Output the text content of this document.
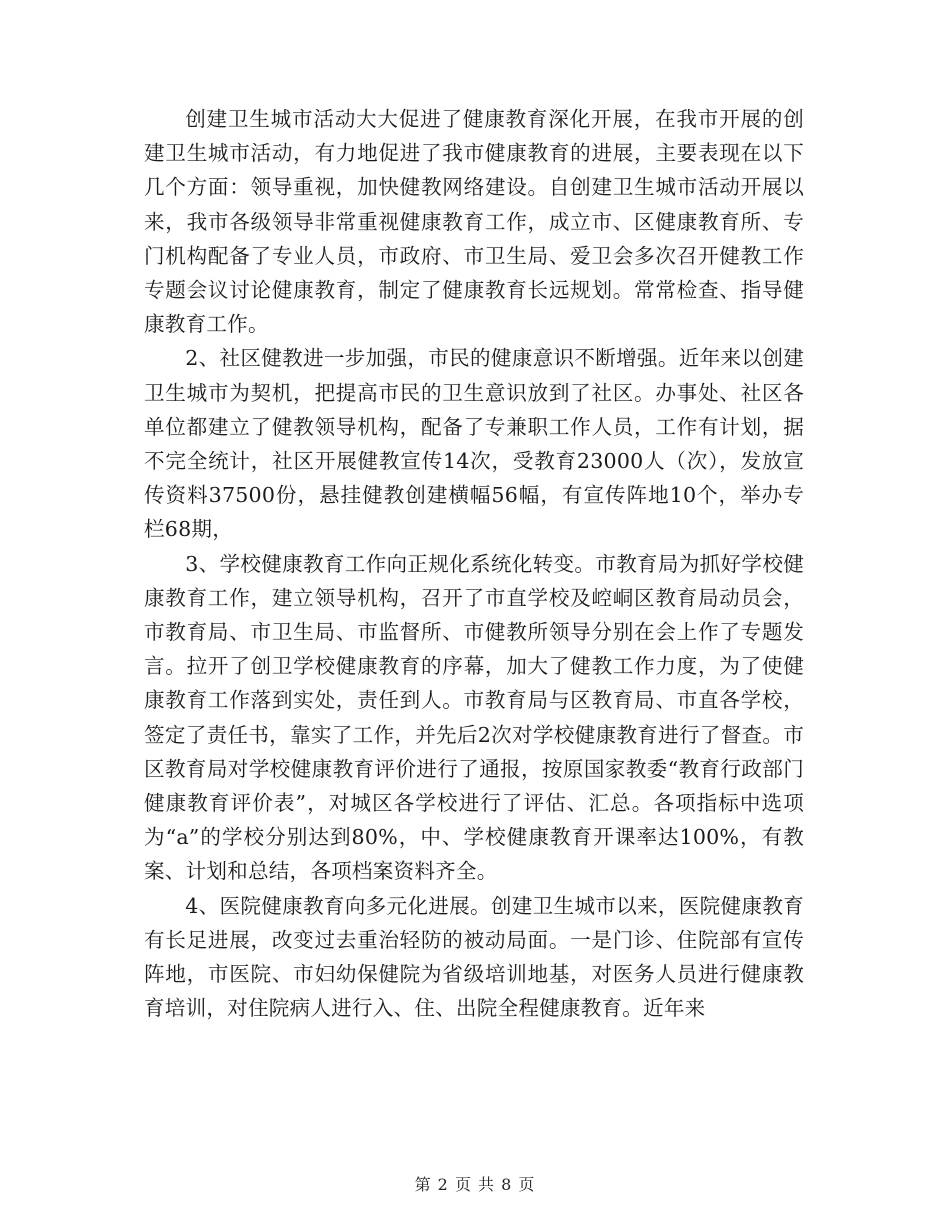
创建卫生城市活动大大促进了健康教育深化开展，在我市开展的创建卫生城市活动，有力地促进了我市健康教育的进展，主要表现在以下几个方面：领导重视，加快健教网络建设。自创建卫生城市活动开展以来，我市各级领导非常重视健康教育工作，成立市、区健康教育所、专门机构配备了专业人员，市政府、市卫生局、爱卫会多次召开健教工作专题会议讨论健康教育，制定了健康教育长远规划。常常检查、指导健康教育工作。

2、社区健教进一步加强，市民的健康意识不断增强。近年来以创建卫生城市为契机，把提高市民的卫生意识放到了社区。办事处、社区各单位都建立了健教领导机构，配备了专兼职工作人员，工作有计划，据不完全统计，社区开展健教宣传14次，受教育23000人（次），发放宣传资料37500份，悬挂健教创建横幅56幅，有宣传阵地10个，举办专栏68期，

3、学校健康教育工作向正规化系统化转变。市教育局为抓好学校健康教育工作，建立领导机构，召开了市直学校及崆峒区教育局动员会，市教育局、市卫生局、市监督所、市健教所领导分别在会上作了专题发言。拉开了创卫学校健康教育的序幕，加大了健教工作力度，为了使健康教育工作落到实处，责任到人。市教育局与区教育局、市直各学校，签定了责任书，靠实了工作，并先后2次对学校健康教育进行了督查。市区教育局对学校健康教育评价进行了通报，按原国家教委“教育行政部门健康教育评价表”，对城区各学校进行了评估、汇总。各项指标中选项为“a”的学校分别达到80%，中、学校健康教育开课率达100%，有教案、计划和总结，各项档案资料齐全。

4、医院健康教育向多元化进展。创建卫生城市以来，医院健康教育有长足进展，改变过去重治轻防的被动局面。一是门诊、住院部有宣传阵地，市医院、市妇幼保健院为省级培训地基，对医务人员进行健康教育培训，对住院病人进行入、住、出院全程健康教育。近年来

第 2 页 共 8 页
